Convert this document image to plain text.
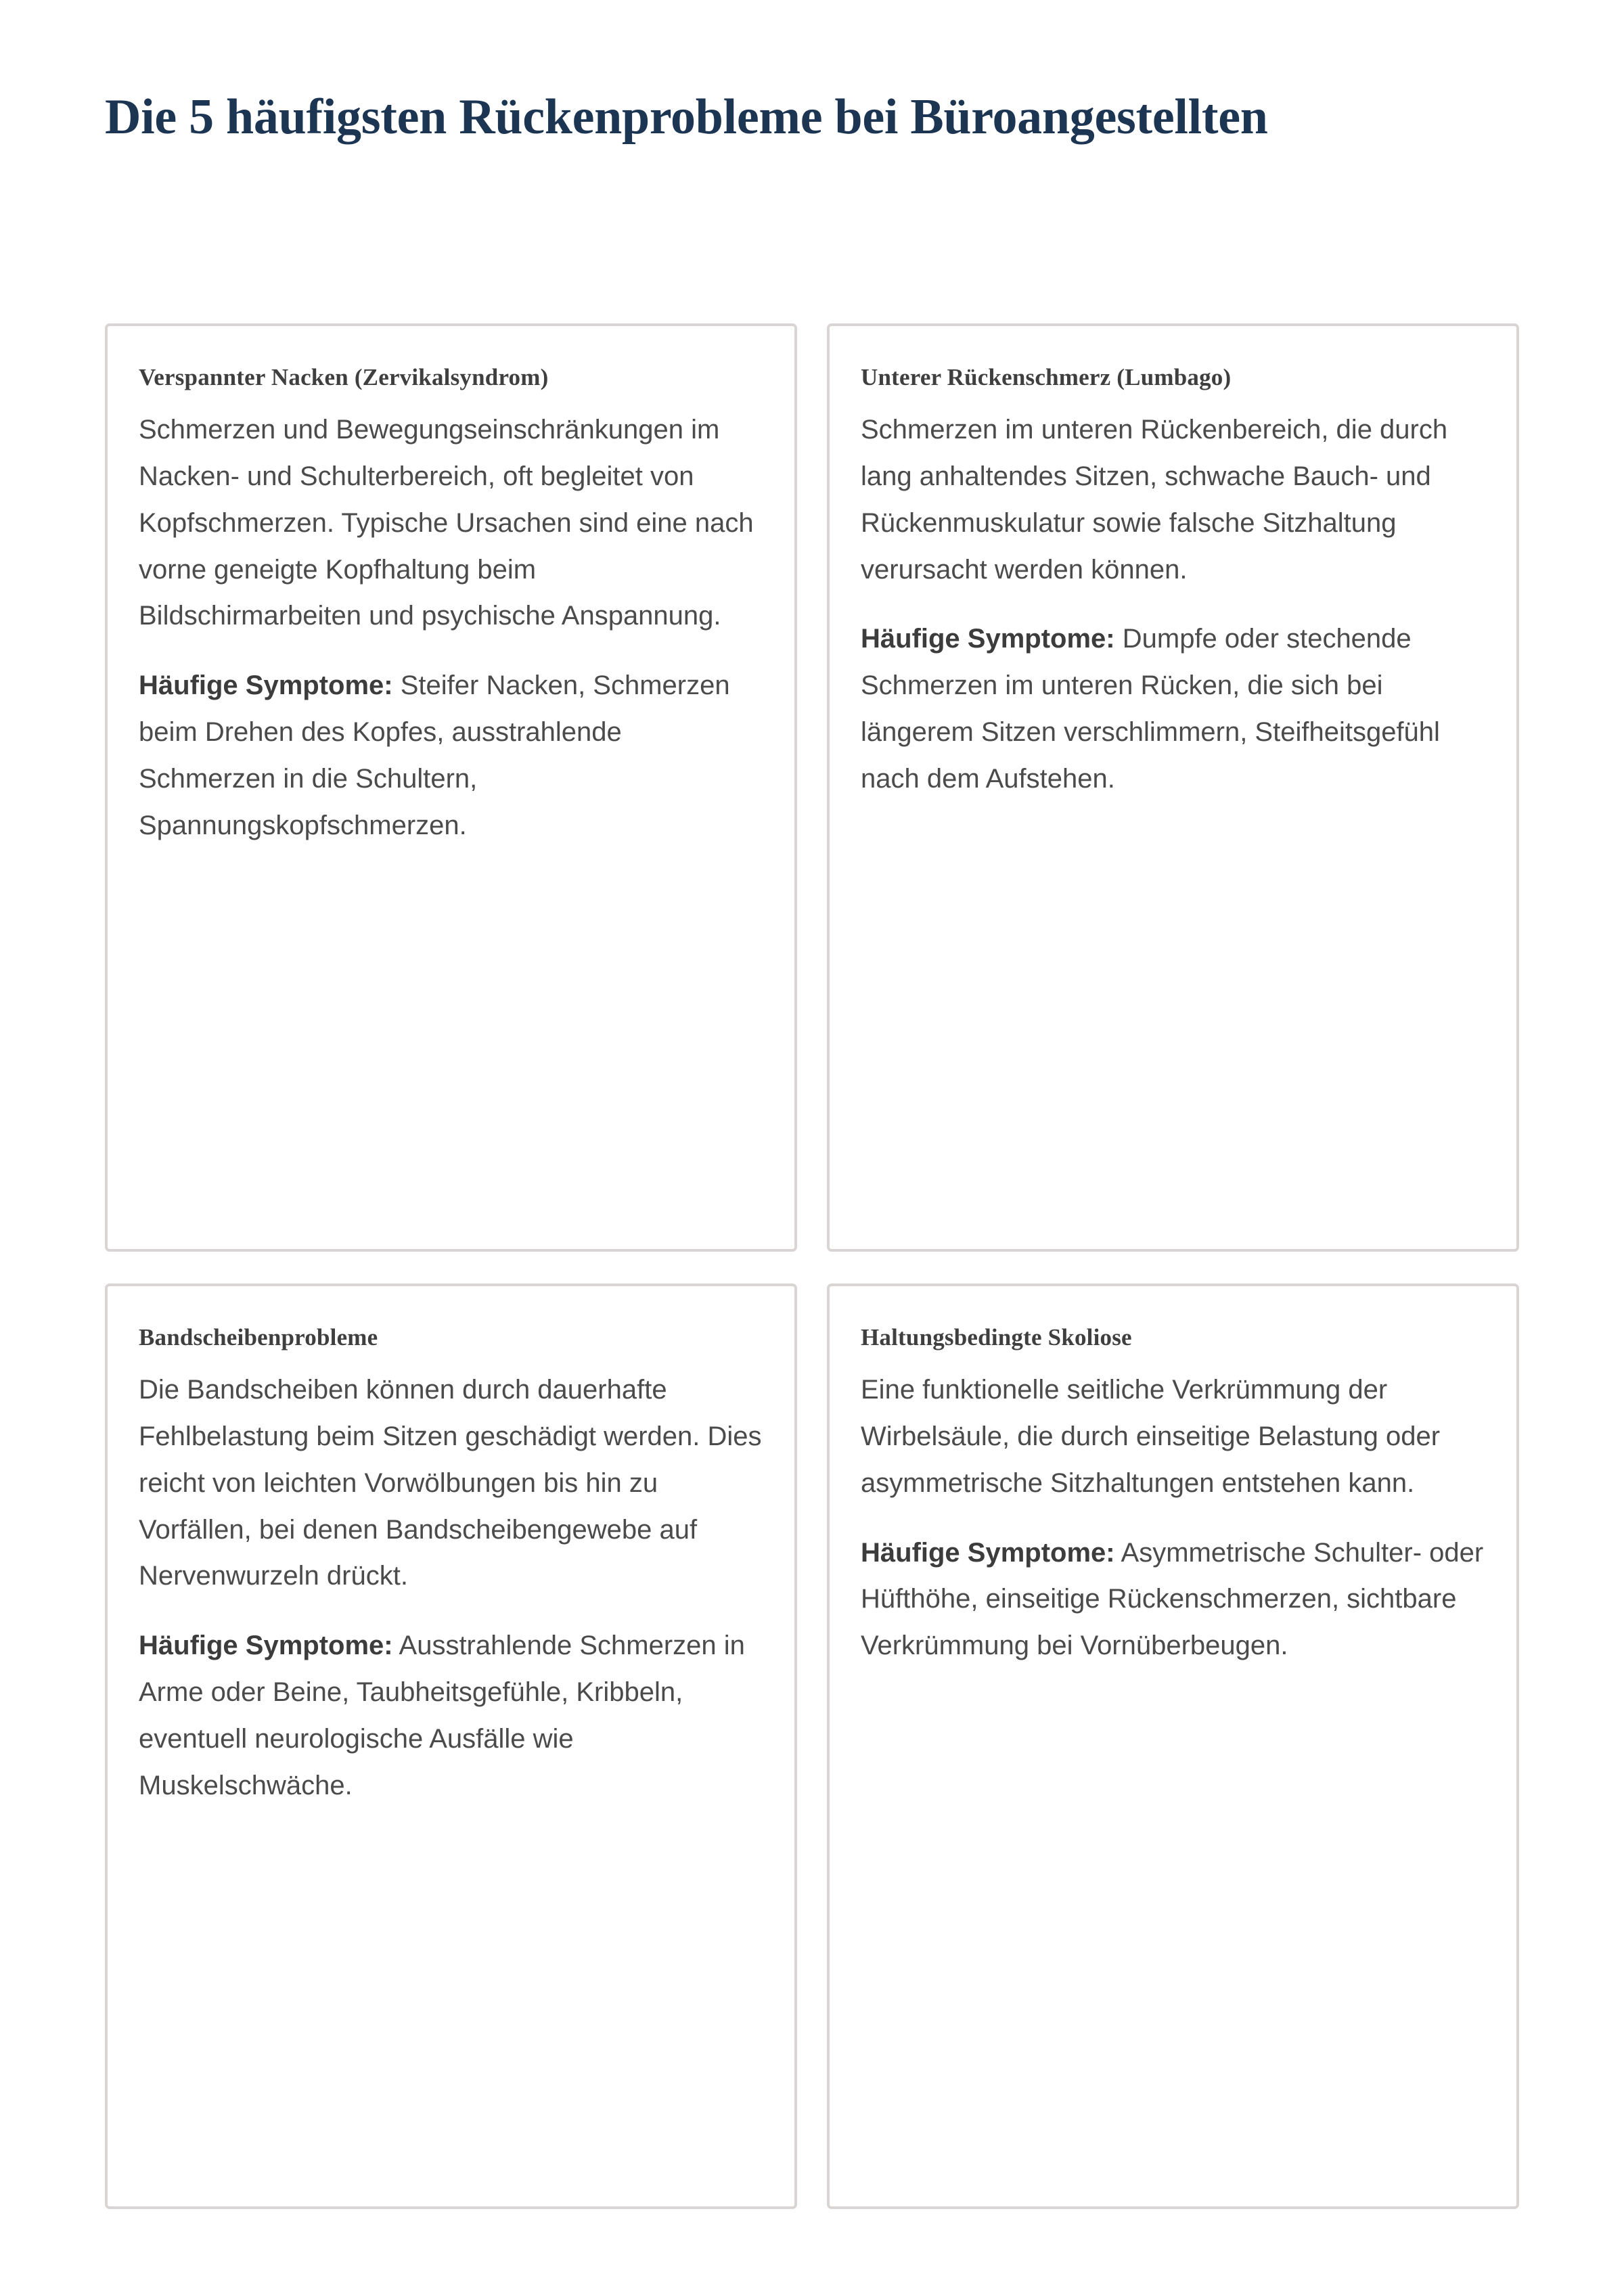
Die 5 häufigsten Rückenprobleme bei Büroangestellten
Verspannter Nacken (Zervikalsyndrom)

Schmerzen und Bewegungseinschränkungen im Nacken- und Schulterbereich, oft begleitet von Kopfschmerzen. Typische Ursachen sind eine nach vorne geneigte Kopfhaltung beim Bildschirmarbeiten und psychische Anspannung.

Häufige Symptome: Steifer Nacken, Schmerzen beim Drehen des Kopfes, ausstrahlende Schmerzen in die Schultern, Spannungskopfschmerzen.

Unterer Rückenschmerz (Lumbago)

Schmerzen im unteren Rückenbereich, die durch lang anhaltendes Sitzen, schwache Bauch- und Rückenmuskulatur sowie falsche Sitzhaltung verursacht werden können.

Häufige Symptome: Dumpfe oder stechende Schmerzen im unteren Rücken, die sich bei längerem Sitzen verschlimmern, Steifheitsgefühl nach dem Aufstehen.

Bandscheibenprobleme

Die Bandscheiben können durch dauerhafte Fehlbelastung beim Sitzen geschädigt werden. Dies reicht von leichten Vorwölbungen bis hin zu Vorfällen, bei denen Bandscheibengewebe auf Nervenwurzeln drückt.

Häufige Symptome: Ausstrahlende Schmerzen in Arme oder Beine, Taubheitsgefühle, Kribbeln, eventuell neurologische Ausfälle wie Muskelschwäche.

Haltungsbedingte Skoliose

Eine funktionelle seitliche Verkrümmung der Wirbelsäule, die durch einseitige Belastung oder asymmetrische Sitzhaltungen entstehen kann.

Häufige Symptome: Asymmetrische Schulter- oder Hüfthöhe, einseitige Rückenschmerzen, sichtbare Verkrümmung bei Vornüberbeugen.
